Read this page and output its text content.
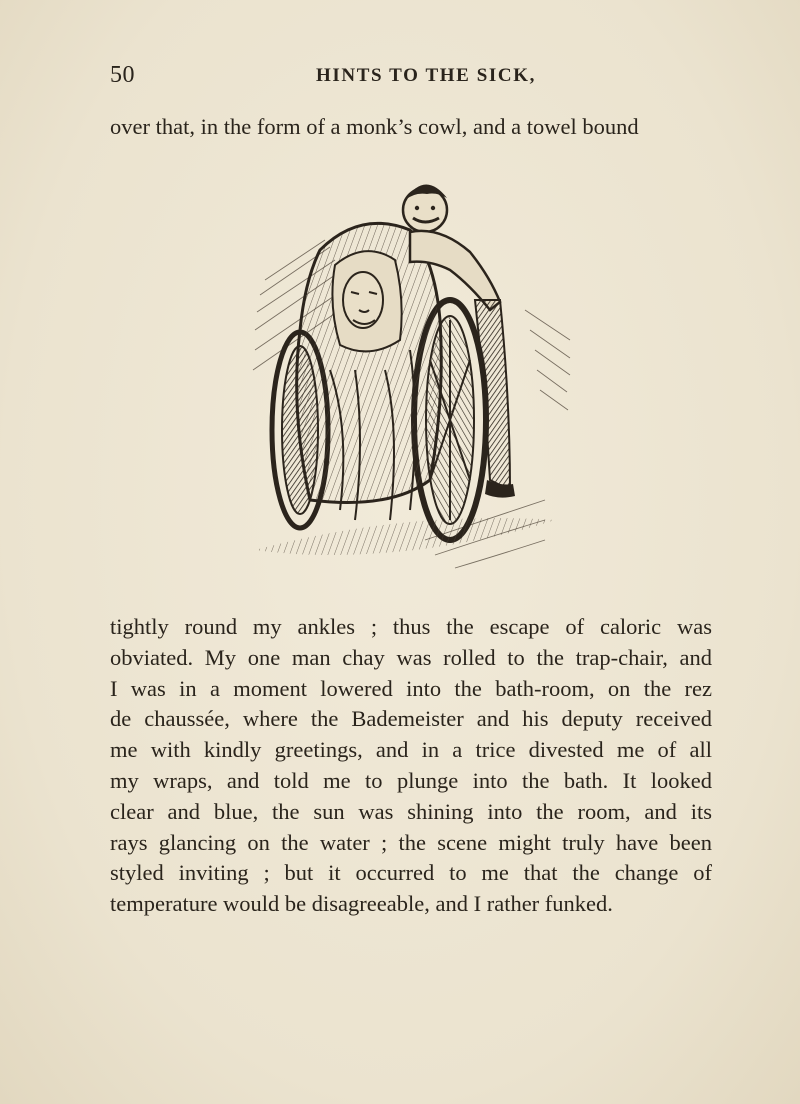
50	HINTS TO THE SICK,
over that, in the form of a monk’s cowl, and a towel bound
tightly round my ankles ; thus the escape of caloric was
obviated. My one man chay was rolled to the trap-chair, and
I was in a moment lowered into the bath-room, on the rez
de chaussée, where the Bademeister and his deputy received
me with kindly greetings, and in a trice divested me of all
my wraps, and told me to plunge into the bath. It looked
clear and blue, the sun was shining into the room, and its
rays glancing on the water ; the scene might truly have been
styled inviting ; but it occurred to me that the change of
temperature would be disagreeable, and I rather funked.
